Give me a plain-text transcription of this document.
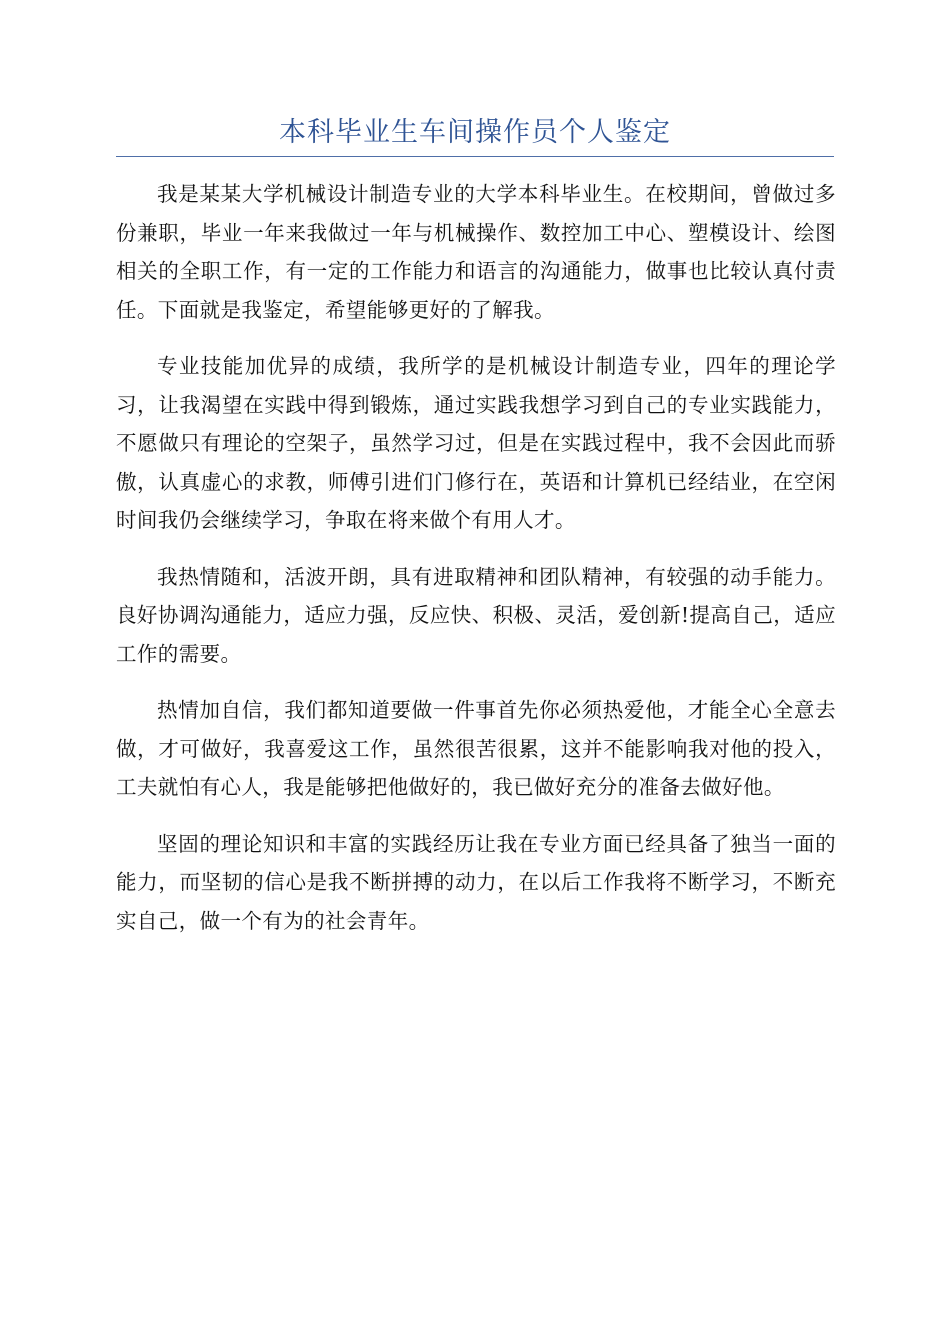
本科毕业生车间操作员个人鉴定

我是某某大学机械设计制造专业的大学本科毕业生。在校期间，曾做过多份兼职，毕业一年来我做过一年与机械操作、数控加工中心、塑模设计、绘图相关的全职工作，有一定的工作能力和语言的沟通能力，做事也比较认真付责任。下面就是我鉴定，希望能够更好的了解我。

专业技能加优异的成绩，我所学的是机械设计制造专业，四年的理论学习，让我渴望在实践中得到锻炼，通过实践我想学习到自己的专业实践能力，不愿做只有理论的空架子，虽然学习过，但是在实践过程中，我不会因此而骄傲，认真虚心的求教，师傅引进们门修行在，英语和计算机已经结业，在空闲时间我仍会继续学习，争取在将来做个有用人才。

我热情随和，活波开朗，具有进取精神和团队精神，有较强的动手能力。良好协调沟通能力，适应力强，反应快、积极、灵活，爱创新!提高自己，适应工作的需要。

热情加自信，我们都知道要做一件事首先你必须热爱他，才能全心全意去做，才可做好，我喜爱这工作，虽然很苦很累，这并不能影响我对他的投入，工夫就怕有心人，我是能够把他做好的，我已做好充分的准备去做好他。

坚固的理论知识和丰富的实践经历让我在专业方面已经具备了独当一面的能力，而坚韧的信心是我不断拼搏的动力，在以后工作我将不断学习，不断充实自己，做一个有为的社会青年。
